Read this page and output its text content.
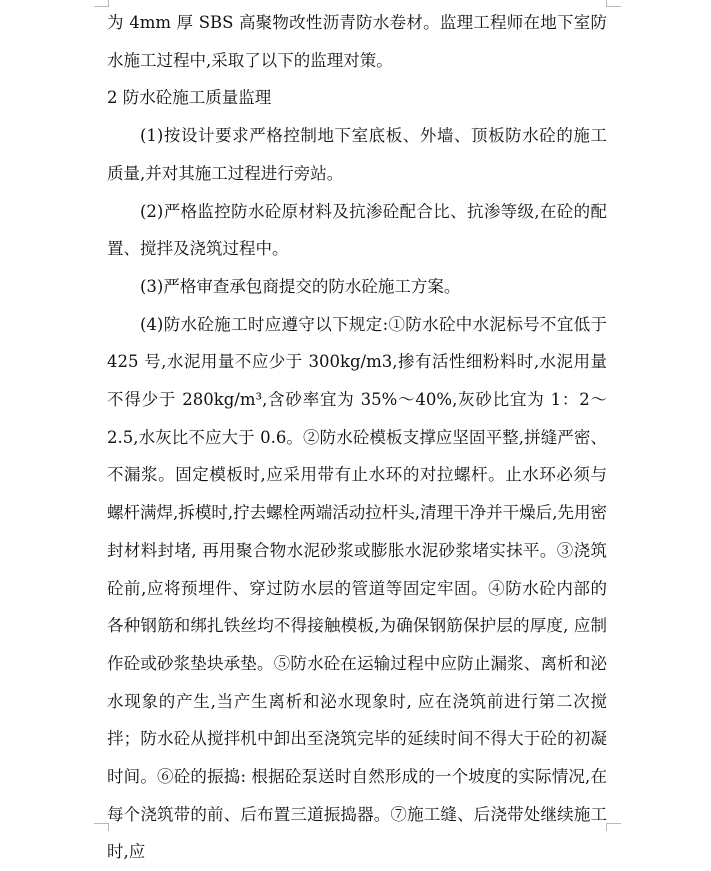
为 4mm 厚 SBS 高聚物改性沥青防水卷材。监理工程师在地下室防水施工过程中,采取了以下的监理对策。

2 防水砼施工质量监理

(1)按设计要求严格控制地下室底板、外墙、顶板防水砼的施工质量,并对其施工过程进行旁站。

(2)严格监控防水砼原材料及抗渗砼配合比、抗渗等级,在砼的配置、搅拌及浇筑过程中。

(3)严格审查承包商提交的防水砼施工方案。

(4)防水砼施工时应遵守以下规定:①防水砼中水泥标号不宜低于 425 号,水泥用量不应少于 300kg/m3,掺有活性细粉料时,水泥用量不得少于 280kg/m³,含砂率宜为 35%～40%,灰砂比宜为 1：2～2.5,水灰比不应大于 0.6。②防水砼模板支撑应坚固平整,拼缝严密、不漏浆。固定模板时,应采用带有止水环的对拉螺杆。止水环必须与螺杆满焊,拆模时,拧去螺栓两端活动拉杆头,清理干净并干燥后,先用密封材料封堵, 再用聚合物水泥砂浆或膨胀水泥砂浆堵实抹平。③浇筑砼前,应将预埋件、穿过防水层的管道等固定牢固。④防水砼内部的各种钢筋和绑扎铁丝均不得接触模板,为确保钢筋保护层的厚度, 应制作砼或砂浆垫块承垫。⑤防水砼在运输过程中应防止漏浆、离析和泌水现象的产生,当产生离析和泌水现象时, 应在浇筑前进行第二次搅拌；防水砼从搅拌机中卸出至浇筑完毕的延续时间不得大于砼的初凝时间。⑥砼的振捣: 根据砼泵送时自然形成的一个坡度的实际情况,在每个浇筑带的前、后布置三道振捣器。⑦施工缝、后浇带处继续施工时,应
